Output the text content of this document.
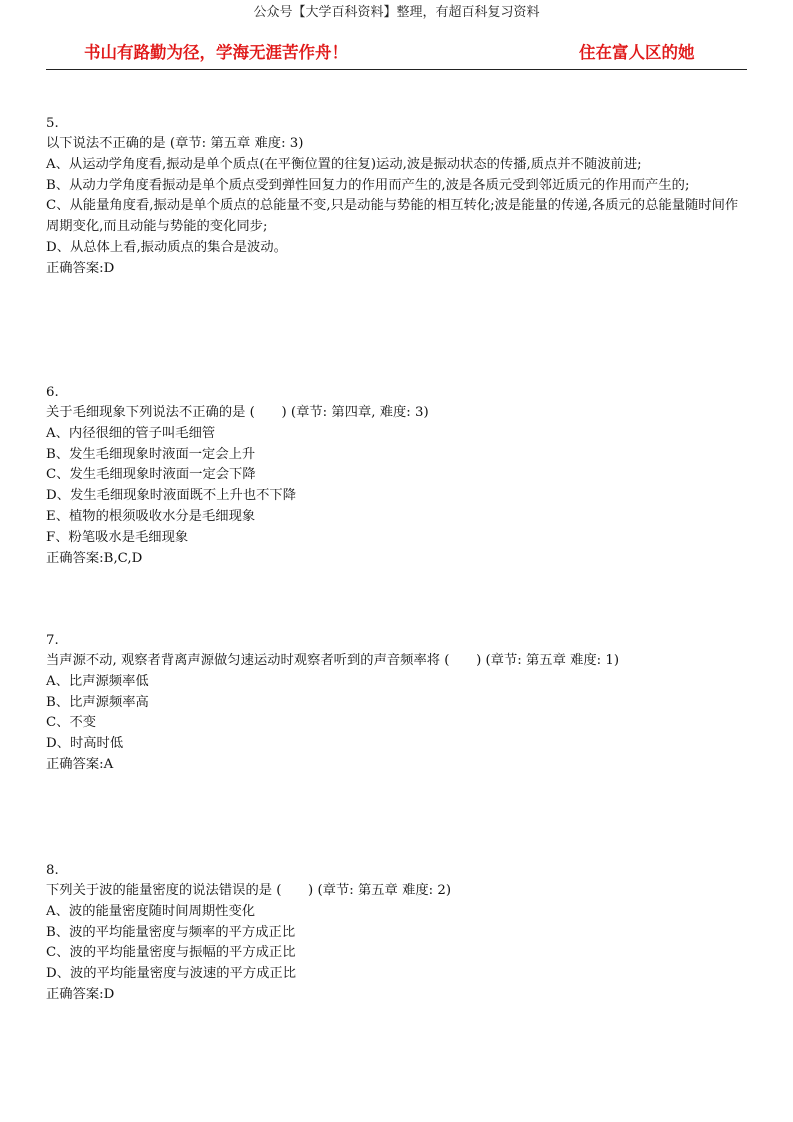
公众号【大学百科资料】整理，有超百科复习资料
书山有路勤为径，学海无涯苦作舟！	住在富人区的她
5.
以下说法不正确的是 (章节: 第五章 难度: 3)
A、从运动学角度看,振动是单个质点(在平衡位置的往复)运动,波是振动状态的传播,质点并不随波前进;
B、从动力学角度看振动是单个质点受到弹性回复力的作用而产生的,波是各质元受到邻近质元的作用而产生的;
C、从能量角度看,振动是单个质点的总能量不变,只是动能与势能的相互转化;波是能量的传递,各质元的总能量随时间作周期变化,而且动能与势能的变化同步;
D、从总体上看,振动质点的集合是波动。
正确答案:D
6.
关于毛细现象下列说法不正确的是 (　　) (章节: 第四章, 难度: 3)
A、内径很细的管子叫毛细管
B、发生毛细现象时液面一定会上升
C、发生毛细现象时液面一定会下降
D、发生毛细现象时液面既不上升也不下降
E、植物的根须吸收水分是毛细现象
F、粉笔吸水是毛细现象
正确答案:B,C,D
7.
当声源不动, 观察者背离声源做匀速运动时观察者听到的声音频率将 (　　) (章节: 第五章 难度: 1)
A、比声源频率低
B、比声源频率高
C、不变
D、时高时低
正确答案:A
8.
下列关于波的能量密度的说法错误的是 (　　) (章节: 第五章 难度: 2)
A、波的能量密度随时间周期性变化
B、波的平均能量密度与频率的平方成正比
C、波的平均能量密度与振幅的平方成正比
D、波的平均能量密度与波速的平方成正比
正确答案:D
